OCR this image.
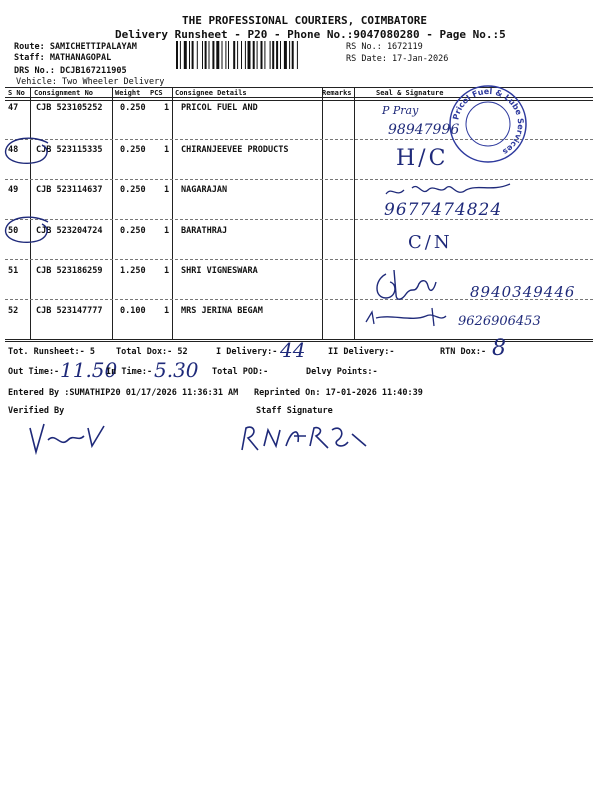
THE PROFESSIONAL COURIERS, COIMBATORE
Delivery Runsheet - P20 - Phone No.:9047080280 - Page No.:5
Route: SAMICHETTIPALAYAM
Staff: MATHANAGOPAL
DRS No.: DCJB167211905
Vehicle: Two Wheeler Delivery
RS No.: 1672119
RS Date: 17-Jan-2026
S No Consignment No	Weight PCS Consignee Details	Remarks	Seal & Signature
47 CJB 523105252 0.250 1 PRICOL FUEL AND
48 CJB 523115335 0.250 1 CHIRANJEEVEE PRODUCTS
49 CJB 523114637 0.250 1 NAGARAJAN
50 CJB 523204724 0.250 1 BARATHRAJ
51 CJB 523186259 1.250 1 SHRI VIGNESWARA
52 CJB 523147777 0.100 1 MRS JERINA BEGAM
P Pray
98947996
H/C
9677474824
C/N
8940349446
9626906453
Pricol Fuel & Lube Services
Tot. Runsheet:- 5 Total Dox:- 52	I Delivery:- 44	II Delivery:-	RTN Dox:- 8
Out Time:- 11.50
In Time:- 5.30 Total POD:-	Delvy Points:-
Entered By :SUMATHIP20 01/17/2026 11:36:31 AM Reprinted On: 17-01-2026 11:40:39
Verified By	Staff Signature
